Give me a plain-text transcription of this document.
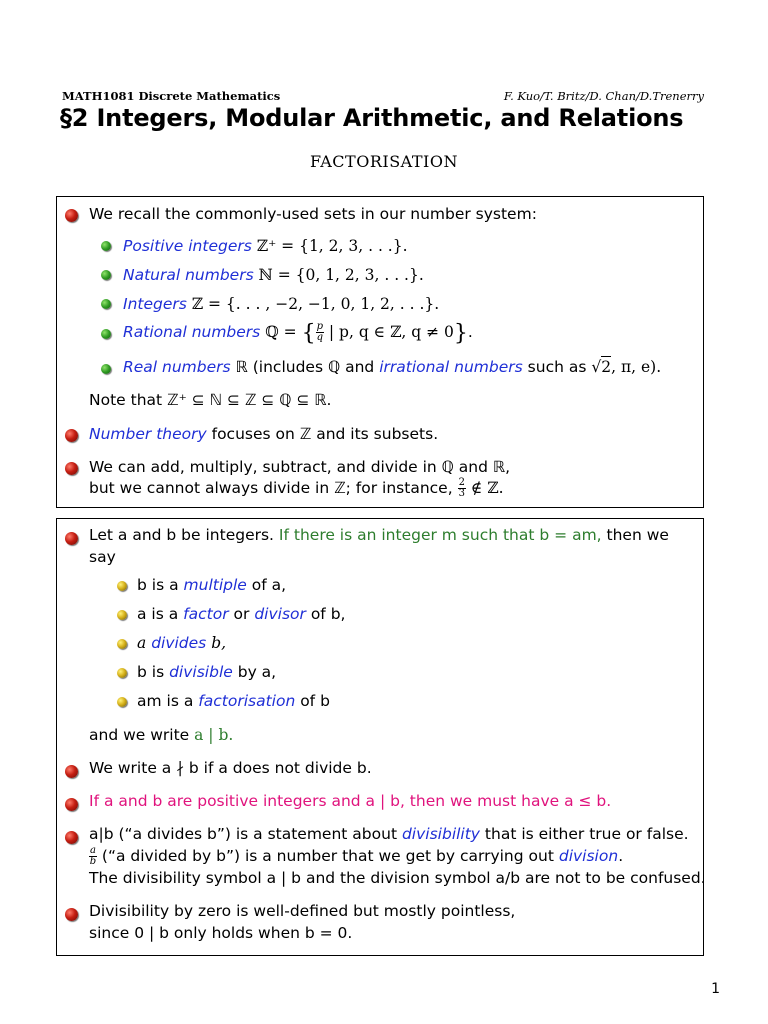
MATH1081 Discrete Mathematics	F. Kuo/T. Britz/D. Chan/D.Trenerry
§2 Integers, Modular Arithmetic, and Relations
FACTORISATION
We recall the commonly-used sets in our number system:
Positive integers ℤ⁺ = {1, 2, 3, . . .}.
Natural numbers ℕ = {0, 1, 2, 3, . . .}.
Integers ℤ = {. . . , −2, −1, 0, 1, 2, . . .}.
Rational numbers ℚ = { $\frac{p}{q}$ | p, q ∈ ℤ, q ≠ 0}.
Real numbers ℝ (includes ℚ and irrational numbers such as √2, π, e).
Note that ℤ⁺ ⊆ ℕ ⊆ ℤ ⊆ ℚ ⊆ ℝ.
Number theory focuses on ℤ and its subsets.
We can add, multiply, subtract, and divide in ℚ and ℝ,
but we cannot always divide in ℤ; for instance, $\frac{2}{3}$ ∉ ℤ.
Let a and b be integers. If there is an integer m such that b = am, then we
say
b is a multiple of a,
a is a factor or divisor of b,
a divides b,
b is divisible by a,
am is a factorisation of b
and we write a | b.
We write a ∤ b if a does not divide b.
If a and b are positive integers and a | b, then we must have a ≤ b.
a|b (“a divides b”) is a statement about divisibility that is either true or false.
$\frac{a}{b}$ (“a divided by b”) is a number that we get by carrying out division.
The divisibility symbol a | b and the division symbol a/b are not to be confused.
Divisibility by zero is well-defined but mostly pointless,
since 0 | b only holds when b = 0.
1
